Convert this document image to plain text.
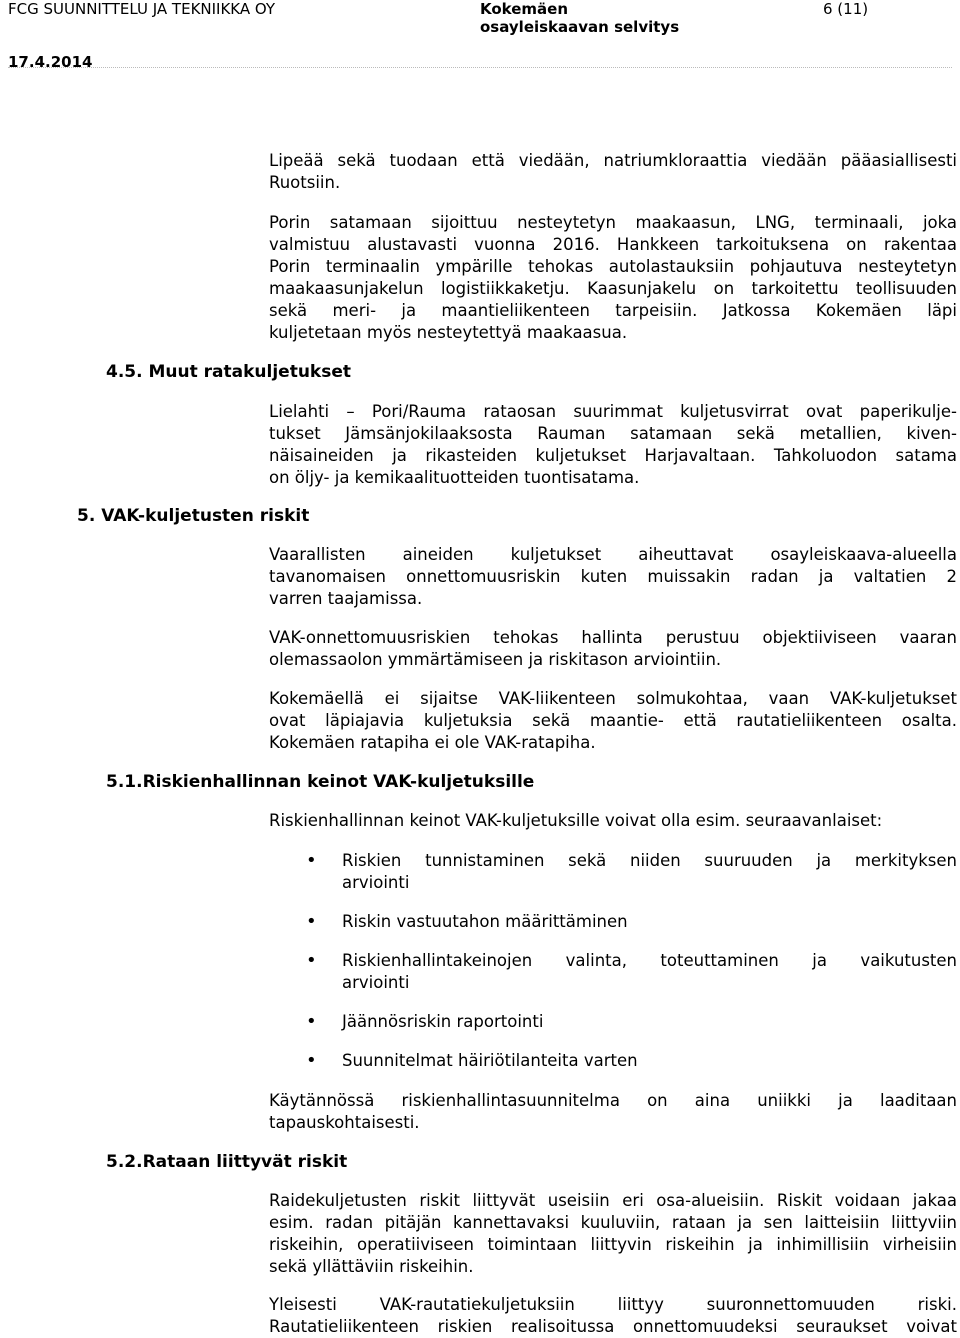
FCG SUUNNITTELU JA TEKNIIKKA OY	Kokemäen osayleiskaavan selvitys
6 (11)
17.4.2014
Lipeää sekä tuodaan että viedään, natriumkloraattia viedään pääasiallisesti
Ruotsiin.
Porin satamaan sijoittuu nesteytetyn maakaasun, LNG, terminaali, joka
valmistuu alustavasti vuonna 2016. Hankkeen tarkoituksena on rakentaa
Porin terminaalin ympärille tehokas autolastauksiin pohjautuva nesteytetyn
maakaasunjakelun logistiikkaketju. Kaasunjakelu on tarkoitettu teollisuuden
sekä meri- ja maantieliikenteen tarpeisiin. Jatkossa Kokemäen läpi
kuljetetaan myös nesteytettyä maakaasua.
4.5. Muut ratakuljetukset
Lielahti – Pori/Rauma rataosan suurimmat kuljetusvirrat ovat paperikulje-
tukset Jämsänjokilaaksosta Rauman satamaan sekä metallien, kiven-
näisaineiden ja rikasteiden kuljetukset Harjavaltaan. Tahkoluodon satama
on öljy- ja kemikaalituotteiden tuontisatama.
5. VAK-kuljetusten riskit
Vaarallisten aineiden kuljetukset aiheuttavat osayleiskaava-alueella
tavanomaisen onnettomuusriskin kuten muissakin radan ja valtatien 2
varren taajamissa.
VAK-onnettomuusriskien tehokas hallinta perustuu objektiiviseen vaaran
olemassaolon ymmärtämiseen ja riskitason arviointiin.
Kokemäellä ei sijaitse VAK-liikenteen solmukohtaa, vaan VAK-kuljetukset
ovat läpiajavia kuljetuksia sekä maantie- että rautatieliikenteen osalta.
Kokemäen ratapiha ei ole VAK-ratapiha.
5.1.Riskienhallinnan keinot VAK-kuljetuksille
Riskienhallinnan keinot VAK-kuljetuksille voivat olla esim. seuraavanlaiset:
• Riskien tunnistaminen sekä niiden suuruuden ja merkityksen
arviointi
• Riskin vastuutahon määrittäminen
• Riskienhallintakeinojen valinta, toteuttaminen ja vaikutusten
arviointi
• Jäännösriskin raportointi
• Suunnitelmat häiriötilanteita varten
Käytännössä riskienhallintasuunnitelma on aina uniikki ja laaditaan
tapauskohtaisesti.
5.2.Rataan liittyvät riskit
Raidekuljetusten riskit liittyvät useisiin eri osa-alueisiin. Riskit voidaan jakaa
esim. radan pitäjän kannettavaksi kuuluviin, rataan ja sen laitteisiin liittyviin
riskeihin, operatiiviseen toimintaan liittyvin riskeihin ja inhimillisiin virheisiin
sekä yllättäviin riskeihin.
Yleisesti VAK-rautatiekuljetuksiin liittyy suuronnettomuuden riski.
Rautatieliikenteen riskien realisoitussa onnettomuudeksi seuraukset voivat
